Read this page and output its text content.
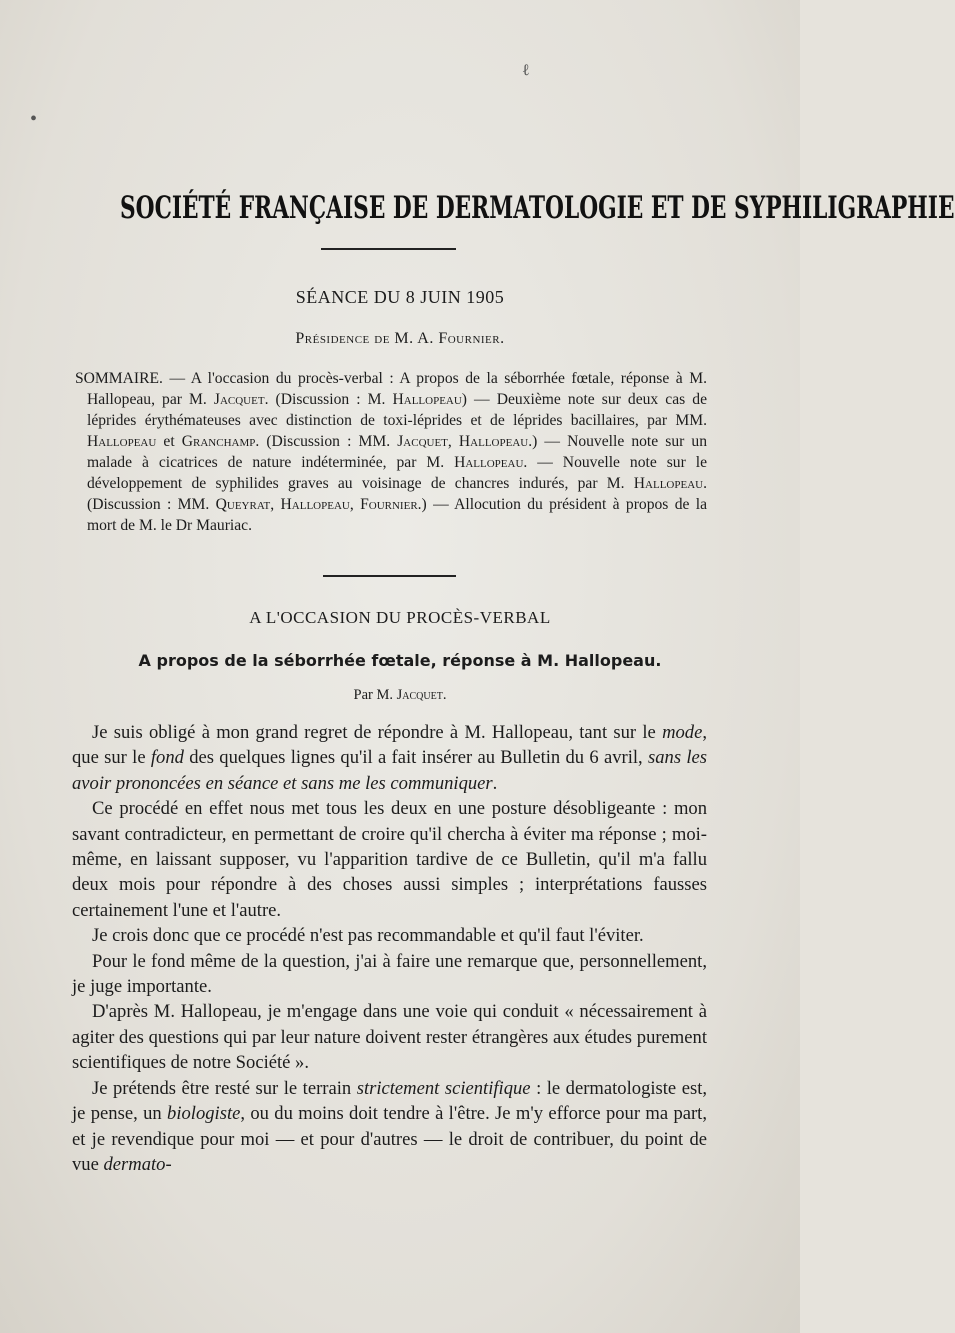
ℓ
•
SOCIÉTÉ FRANÇAISE DE DERMATOLOGIE ET DE SYPHILIGRAPHIE
SÉANCE DU 8 JUIN 1905
Présidence de M. A. Fournier.
SOMMAIRE. — A l'occasion du procès-verbal : A propos de la séborrhée fœtale, réponse à M. Hallopeau, par M. Jacquet. (Discussion : M. Hallopeau) — Deuxième note sur deux cas de léprides érythémateuses avec distinction de toxi-léprides et de léprides bacillaires, par MM. Hallopeau et Granchamp. (Discussion : MM. Jacquet, Hallopeau.) — Nouvelle note sur un malade à cicatrices de nature indéterminée, par M. Hallopeau. — Nouvelle note sur le développement de syphilides graves au voisinage de chancres indurés, par M. Hallopeau. (Discussion : MM. Queyrat, Hallopeau, Fournier.) — Allocution du président à propos de la mort de M. le Dr Mauriac.
A L'OCCASION DU PROCÈS-VERBAL
A propos de la séborrhée fœtale, réponse à M. Hallopeau.
Par M. Jacquet.

Je suis obligé à mon grand regret de répondre à M. Hallopeau, tant sur le mode, que sur le fond des quelques lignes qu'il a fait insérer au Bulletin du 6 avril, sans les avoir prononcées en séance et sans me les communiquer.

Ce procédé en effet nous met tous les deux en une posture désobligeante : mon savant contradicteur, en permettant de croire qu'il chercha à éviter ma réponse ; moi-même, en laissant supposer, vu l'apparition tardive de ce Bulletin, qu'il m'a fallu deux mois pour répondre à des choses aussi simples ; interprétations fausses certainement l'une et l'autre.

Je crois donc que ce procédé n'est pas recommandable et qu'il faut l'éviter.

Pour le fond même de la question, j'ai à faire une remarque que, personnellement, je juge importante.

D'après M. Hallopeau, je m'engage dans une voie qui conduit « nécessairement à agiter des questions qui par leur nature doivent rester étrangères aux études purement scientifiques de notre Société ».

Je prétends être resté sur le terrain strictement scientifique : le dermatologiste est, je pense, un biologiste, ou du moins doit tendre à l'être. Je m'y efforce pour ma part, et je revendique pour moi — et pour d'autres — le droit de contribuer, du point de vue dermato-
